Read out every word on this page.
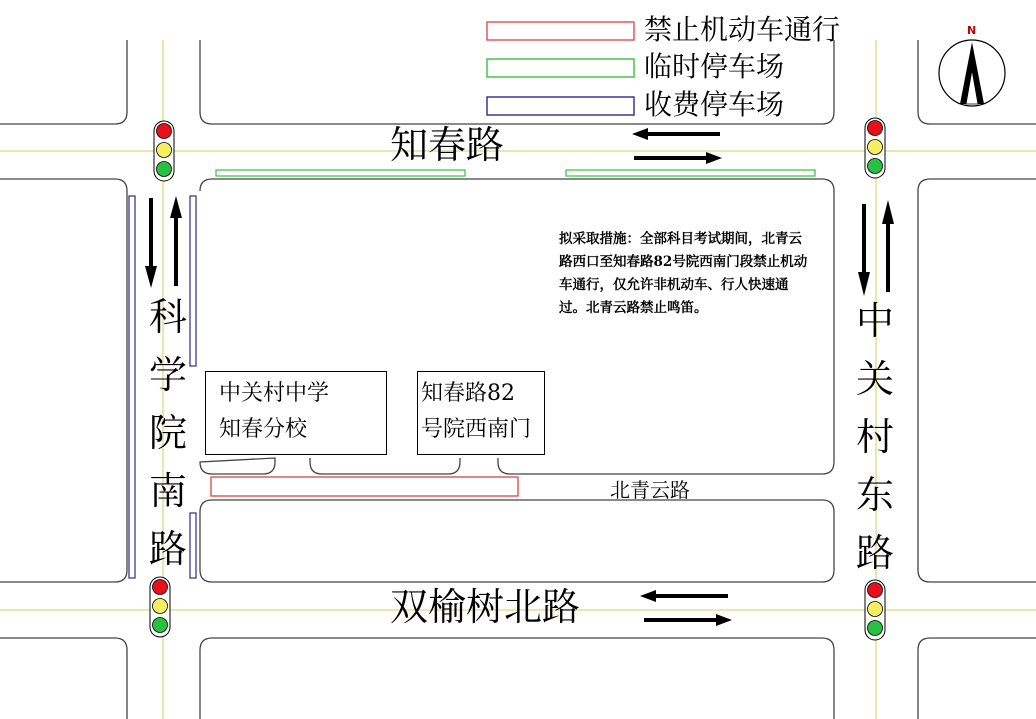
禁止机动车通行
临时停车场
收费停车场
N
知春路
双榆树北路
科学院南路
中关村东路
北青云路
中关村中学
知春分校
知春路82
号院西南门
拟采取措施：全部科目考试期间，北青云路西口至知春路82号院西南门段禁止机动车通行，仅允许非机动车、行人快速通过。北青云路禁止鸣笛。
